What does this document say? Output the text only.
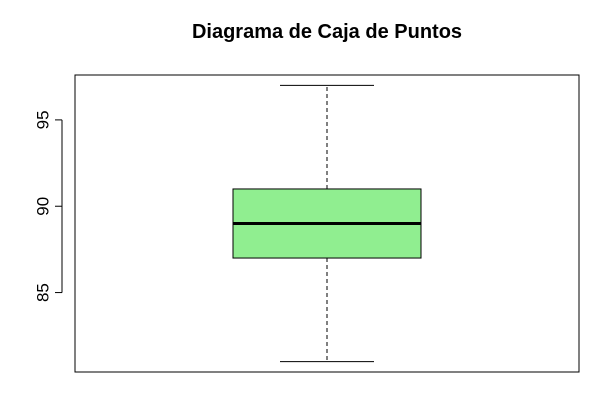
Diagrama de Caja de Puntos
85
90
95
